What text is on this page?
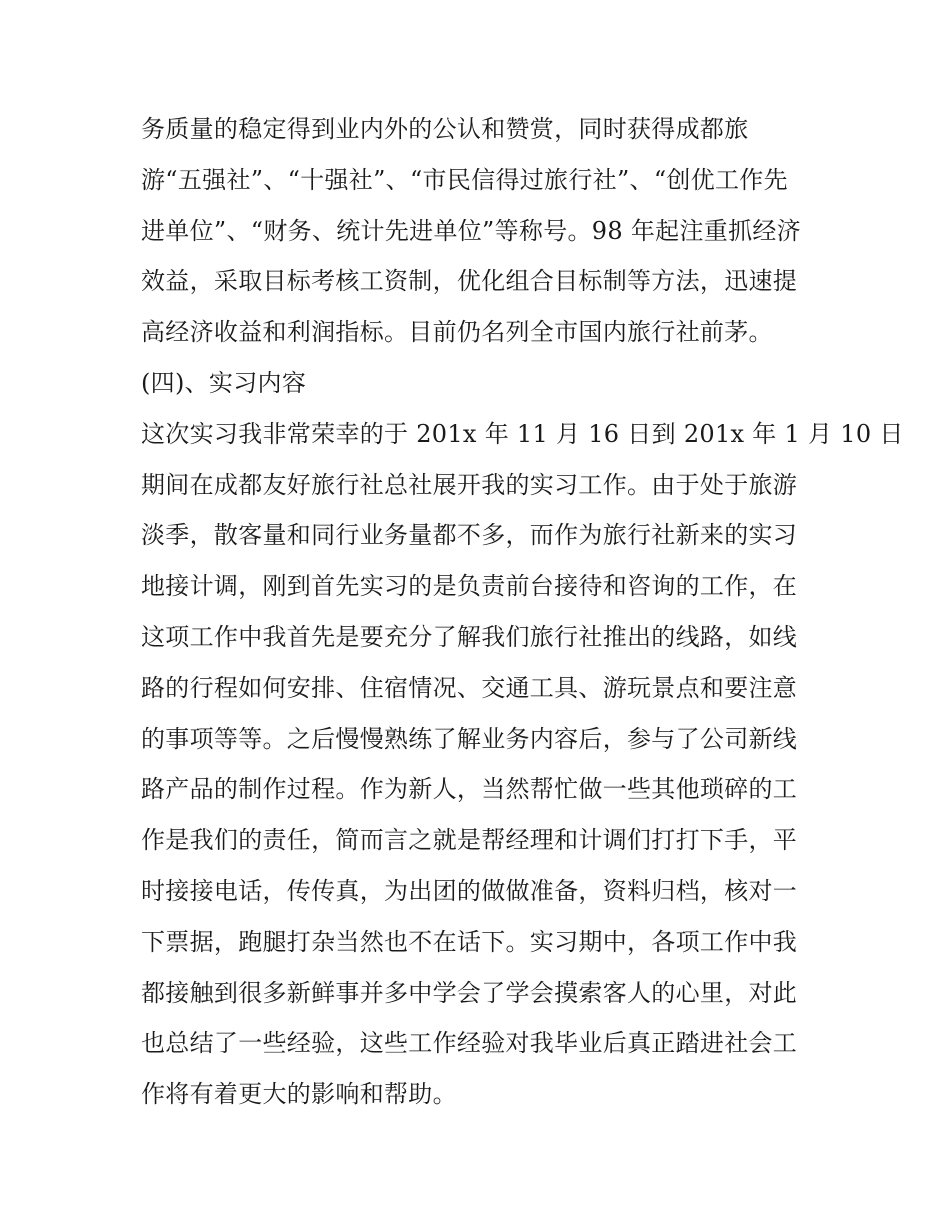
务质量的稳定得到业内外的公认和赞赏，同时获得成都旅
游“五强社”、“十强社”、“市民信得过旅行社”、“创优工作先
进单位”、“财务、统计先进单位”等称号。98 年起注重抓经济
效益，采取目标考核工资制，优化组合目标制等方法，迅速提
高经济收益和利润指标。目前仍名列全市国内旅行社前茅。
(四)、实习内容
这次实习我非常荣幸的于 201x 年 11 月 16 日到 201x 年 1 月 10 日
期间在成都友好旅行社总社展开我的实习工作。由于处于旅游
淡季，散客量和同行业务量都不多，而作为旅行社新来的实习
地接计调，刚到首先实习的是负责前台接待和咨询的工作，在
这项工作中我首先是要充分了解我们旅行社推出的线路，如线
路的行程如何安排、住宿情况、交通工具、游玩景点和要注意
的事项等等。之后慢慢熟练了解业务内容后，参与了公司新线
路产品的制作过程。作为新人，当然帮忙做一些其他琐碎的工
作是我们的责任，简而言之就是帮经理和计调们打打下手，平
时接接电话，传传真，为出团的做做准备，资料归档，核对一
下票据，跑腿打杂当然也不在话下。实习期中，各项工作中我
都接触到很多新鲜事并多中学会了学会摸索客人的心里，对此
也总结了一些经验，这些工作经验对我毕业后真正踏进社会工
作将有着更大的影响和帮助。
